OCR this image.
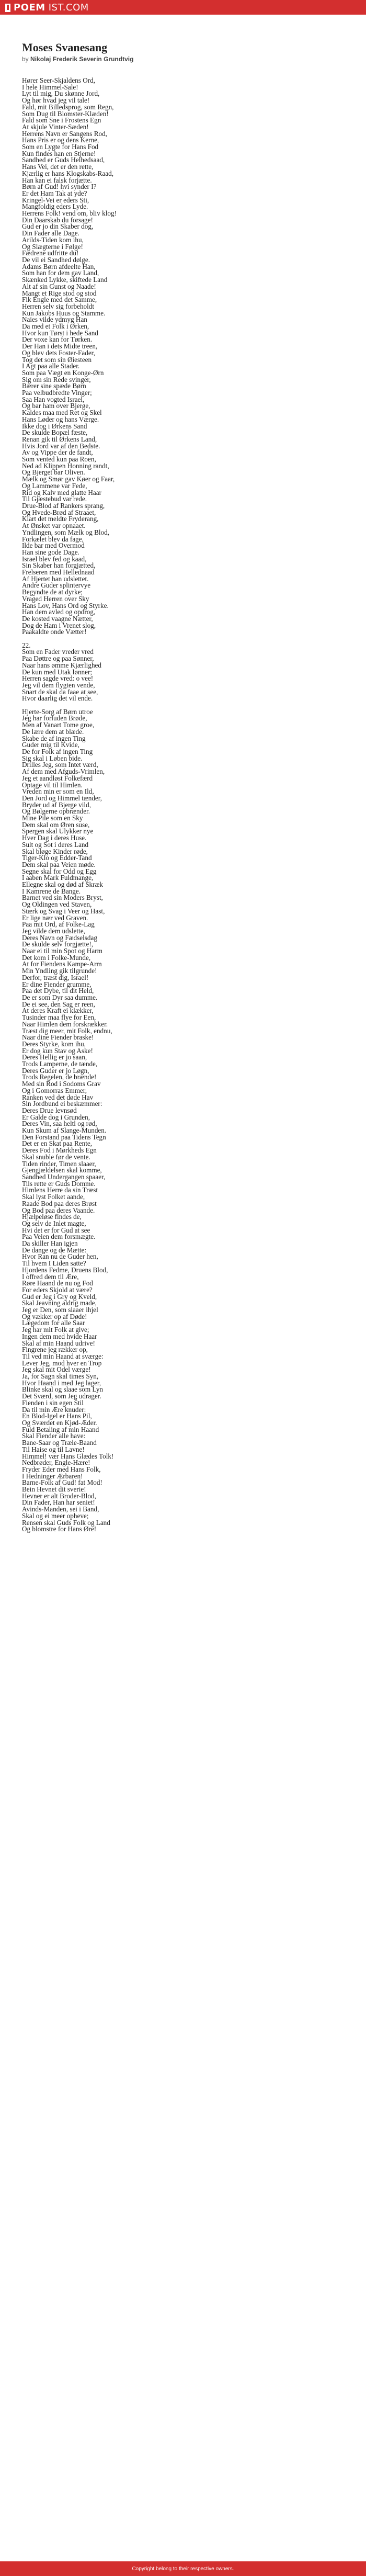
POEM IST.COM
Moses Svanesang
by Nikolaj Frederik Severin Grundtvig
Hører Seer-Skjaldens Ord,
I hele Himmel-Sale!
Lyt til mig, Du skønne Jord,
Og hør hvad jeg vil tale!
Fald, mit Billedsprog, som Regn,
Som Dug til Blomster-Klæden!
Fald som Sne i Frostens Egn
At skjule Vinter-Sæden!
Herrens Navn er Sangens Rod,
Hans Pris er og dens Kerne,
Som en Lygte for Hans Fod
Kun findes han en Stjerne!
Sandhed er Guds Helhedsaad,
Hans Vei, det er den rette,
Kjærlig er hans Klogskabs-Raad,
Han kan ei falsk forjætte.
Børn af Gud! hvi synder I?
Er det Ham Tak at yde?
Kringel-Vei er eders Sti,
Mangfoldig eders Lyde.
Herrens Folk! vend om, bliv klog!
Din Daarskab du forsage!
Gud er jo din Skaber dog,
Din Fader alle Dage.
Arilds-Tiden kom ihu,
Og Slægterne i Følge!
Fædrene udfritte du!
De vil ei Sandhed dølge.
Adams Børn afdeelte Han,
Som han for dem gav Land,
Skænked Lykke, skiftede Land
Alt af sin Gunst og Naade!
Mangt et Rige stod og stod
Fik Engle med det Samme,
Herren selv sig forbeholdt
Kun Jakobs Huus og Stamme.
Naies vilde ydmyg Han
Da med et Folk i Ørken,
Hvor kun Tørst i hede Sand
Der voxe kan for Tørken.
Der Han i dets Midte treen,
Og blev dets Foster-Fader,
Tog det som sin Øiesteen
I Agt paa alle Stader.
Som paa Vægt en Konge-Ørn
Sig om sin Rede svinger,
Bærer sine spæde Børn
Paa velbudbredte Vinger;
Saa Han vogted Israel,
Og bar ham over Bjerge,
Kaldes maa med Ret og Skel
Hans Løder og hans Værge.
Ikke dog i Ørkens Sand
De skulde Bopæl fæste,
Renan gik til Ørkens Land,
Hvis Jord var af den Bedste.
Av og Vippe der de fandt,
Som vented kun paa Roen,
Ned ad Klippen Honning randt,
Og Bjerget bar Oliven.
Mælk og Smør gav Køer og Faar,
Og Lammene var Fede,
Rid og Kalv med glatte Haar
Til Gjæstebud var rede.
Drue-Blod af Rankers sprang,
Og Hvede-Brød af Straaet,
Klart det meldte Fryderang,
At Ønsket var opnaaet.
Yndlingen, som Mælk og Blod,
Forkælet blev da fage,
Ilde bar med Overmod
Han sine gode Dage.
Israel blev fed og kaad,
Sin Skaber han forgjætted,
Frelseren med Hellednaad
Af Hjertet han udslettet.
Andre Guder splintervye
Begyndte de at dyrke;
Vraged Herren over Sky
Hans Lov, Hans Ord og Styrke.
Han dem avled og opdrog,
De kosted vaagne Nætter,
Dog de Ham i Vrenet slog,
Paakaldte onde Vætter!
22.
Som en Fader vreder vred
Paa Døttre og paa Sønner,
Naar hans ømme Kjærlighed
De kun med Utak lønner;
Herren sagde vred: o vee!
Jeg vil dem flygten vende,
Snart de skal da faae at see,
Hvor daarlig det vil ende.
Hjerte-Sorg af Børn utroe
Jeg har forluden Brøde,
Men af Vanart Tome groe,
De lære dem at blæde.
Skabe de af ingen Ting
Guder mig til Kvide,
De for Folk af ingen Ting
Sig skal i Løben bide.
Drilles Jeg, som Intet værd,
Af dem med Afguds-Vrimlen,
Jeg et aandløst Folkefærd
Optage vil til Himlen.
Vreden min er som en Ild,
Den Jord og Himmel tænder,
Bryder ud af Bjerge vild,
Og Bølgerne opbrænder.
Mine Pile som en Sky
Dem skal om Øren suse,
Spergen skal Ulykker nye
Hver Dag i deres Huse.
Sult og Sot i deres Land
Skal bløge Kinder røde,
Tiger-Klo og Edder-Tand
Dem skal paa Veien møde.
Segne skal for Odd og Egg
I aaben Mark Fuldmange,
Ellegne skal og død af Skræk
I Kamrene de Bange.
Barnet ved sin Moders Bryst,
Og Oldingen ved Staven,
Stærk og Svag i Veer og Hast,
Er lige nær ved Graven.
Paa mit Ord, af Folke-Lag
Jeg vilde dem udslette,
Deres Navn og Fædselsdag
De skulde selv forgjætte!,
Naar ei til min Spot og Harm
Det kom i Folke-Munde,
At for Fiendens Kampe-Arm
Min Yndling gik tilgrunde!
Derfor, træst dig, Israel!
Er dine Fiender grumme,
Paa det Dybe, til dit Held,
De er som Dyr saa dumme.
De ei see, den Sag er reen,
At deres Kraft ei klækker,
Tusinder maa flye for Een,
Naar Himlen dem forskrækker.
Træst dig meer, mit Folk, endnu,
Naar dine Fiender braske!
Deres Styrke, kom ihu,
Er dog kun Stav og Aske!
Deres Hellig er jo saan,
Trods Lamperne, de tænde,
Deres Guder er jo Løgn,
Trods Regelen, de brænde!
Med sin Rod i Sodoms Grav
Og i Gomorras Emmer,
Ranken ved det døde Hav
Sin Jordbund ei beskæmmer:
Deres Drue levnsød
Er Galde dog i Grunden,
Deres Vin, saa heltl og rød,
Kun Skum af Slange-Munden.
Den Forstand paa Tidens Tegn
Det er en Skat paa Rente,
Deres Fod i Mørkheds Egn
Skal snuble før de vente.
Tiden rinder, Timen slaaer,
Gjengjældelsen skal komme,
Sandhed Undergangen spaaer,
Tils rette er Guds Domme.
Himlens Herre da sin Træst
Skal lyst Folket aande,
Raade Bod paa deres Brøst
Og Bod paa deres Vaande.
Hjælpeløse findes de,
Og selv de Inlet magte,
Hvi det er for Gud at see
Paa Veien dem forsmægte.
Da skiller Han igjen
De dange og de Mætte:
Hvor Ran nu de Guder hen,
Til hvem I Liden satte?
Hjordens Fedme, Druens Blod,
I offred dem til Ære,
Røre Haand de nu og Fod
For eders Skjold at være?
Gud er Jeg i Gry og Kveld,
Skal Jeavning aldrig made,
Jeg er Den, som slaaer ihjel
Og vækker op af Døde!
Lægedom for alle Saar
Jeg har mit Folk at give;
Ingen dem med hvide Haar
Skal af min Haand udrive!
Fingrene jeg rækker op,
Til ved min Haand at sværge:
Lever Jeg, mod hver en Trop
Jeg skal mit Odel værge!
Ja, for Sagn skal times Syn,
Hvor Haand i med Jeg lager,
Blinke skal og slaae som Lyn
Det Sværd, som Jeg udrager.
Fienden i sin egen Stil
Da til min Ære knuder:
En Blod-Igel er Hans Pil,
Og Sværdet en Kjød-Æder.
Fuld Betaling af min Haand
Skal Fiender alle have:
Bane-Saar og Træle-Baand
Til Haise og til Lavne!
Himmel! vær Hans Glædes Tolk!
Nedbrøder, Engle-Hære!
Fryder Eder med Hans Folk,
I Hedninger Ærbaren!
Barne-Folk af Gud! fat Mod!
Bein Hevnet dit sverie!
Hevner er alt Broder-Blod,
Din Fader, Han har seniet!
Avinds-Manden, sei i Band,
Skal og ei meer opheve;
Rensen skal Guds Folk og Land
Og blomstre for Hans Øre!
Copyright belong to their respective owners.
